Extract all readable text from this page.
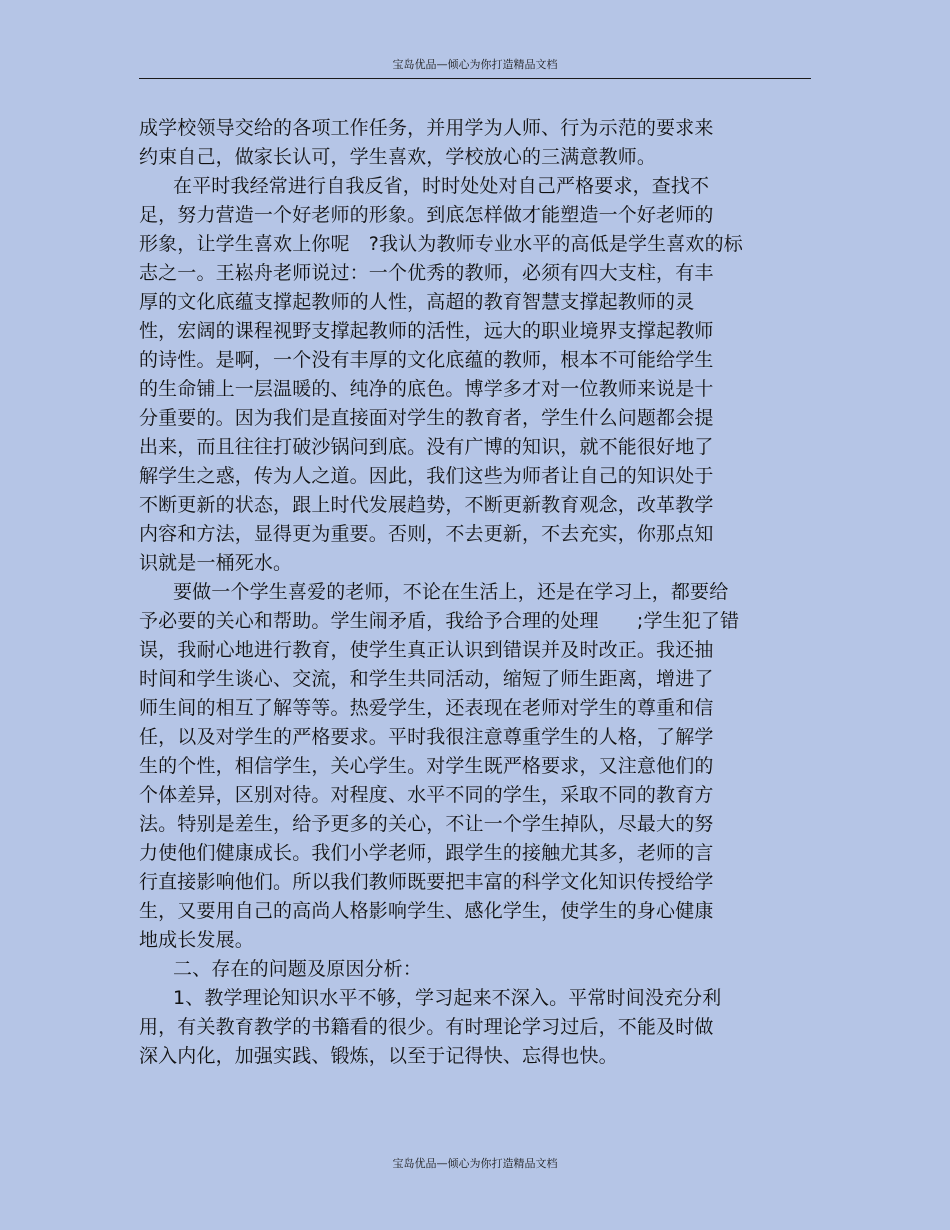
宝岛优品—倾心为你打造精品文档
成学校领导交给的各项工作任务，并用学为人师、行为示范的要求来
约束自己，做家长认可，学生喜欢，学校放心的三满意教师。
在平时我经常进行自我反省，时时处处对自己严格要求，查找不
足，努力营造一个好老师的形象。到底怎样做才能塑造一个好老师的
形象，让学生喜欢上你呢　?我认为教师专业水平的高低是学生喜欢的标
志之一。王崧舟老师说过：一个优秀的教师，必须有四大支柱，有丰
厚的文化底蕴支撑起教师的人性，高超的教育智慧支撑起教师的灵
性，宏阔的课程视野支撑起教师的活性，远大的职业境界支撑起教师
的诗性。是啊，一个没有丰厚的文化底蕴的教师，根本不可能给学生
的生命铺上一层温暖的、纯净的底色。博学多才对一位教师来说是十
分重要的。因为我们是直接面对学生的教育者，学生什么问题都会提
出来，而且往往打破沙锅问到底。没有广博的知识，就不能很好地了
解学生之惑，传为人之道。因此，我们这些为师者让自己的知识处于
不断更新的状态，跟上时代发展趋势，不断更新教育观念，改革教学
内容和方法，显得更为重要。否则，不去更新，不去充实，你那点知
识就是一桶死水。
要做一个学生喜爱的老师，不论在生活上，还是在学习上，都要给
予必要的关心和帮助。学生闹矛盾，我给予合理的处理　　;学生犯了错
误，我耐心地进行教育，使学生真正认识到错误并及时改正。我还抽
时间和学生谈心、交流，和学生共同活动，缩短了师生距离，增进了
师生间的相互了解等等。热爱学生，还表现在老师对学生的尊重和信
任，以及对学生的严格要求。平时我很注意尊重学生的人格，了解学
生的个性，相信学生，关心学生。对学生既严格要求，又注意他们的
个体差异，区别对待。对程度、水平不同的学生，采取不同的教育方
法。特别是差生，给予更多的关心，不让一个学生掉队，尽最大的努
力使他们健康成长。我们小学老师，跟学生的接触尤其多，老师的言
行直接影响他们。所以我们教师既要把丰富的科学文化知识传授给学
生，又要用自己的高尚人格影响学生、感化学生，使学生的身心健康
地成长发展。
二、存在的问题及原因分析：
1、教学理论知识水平不够，学习起来不深入。平常时间没充分利
用，有关教育教学的书籍看的很少。有时理论学习过后，不能及时做
深入内化，加强实践、锻炼，以至于记得快、忘得也快。
宝岛优品—倾心为你打造精品文档
